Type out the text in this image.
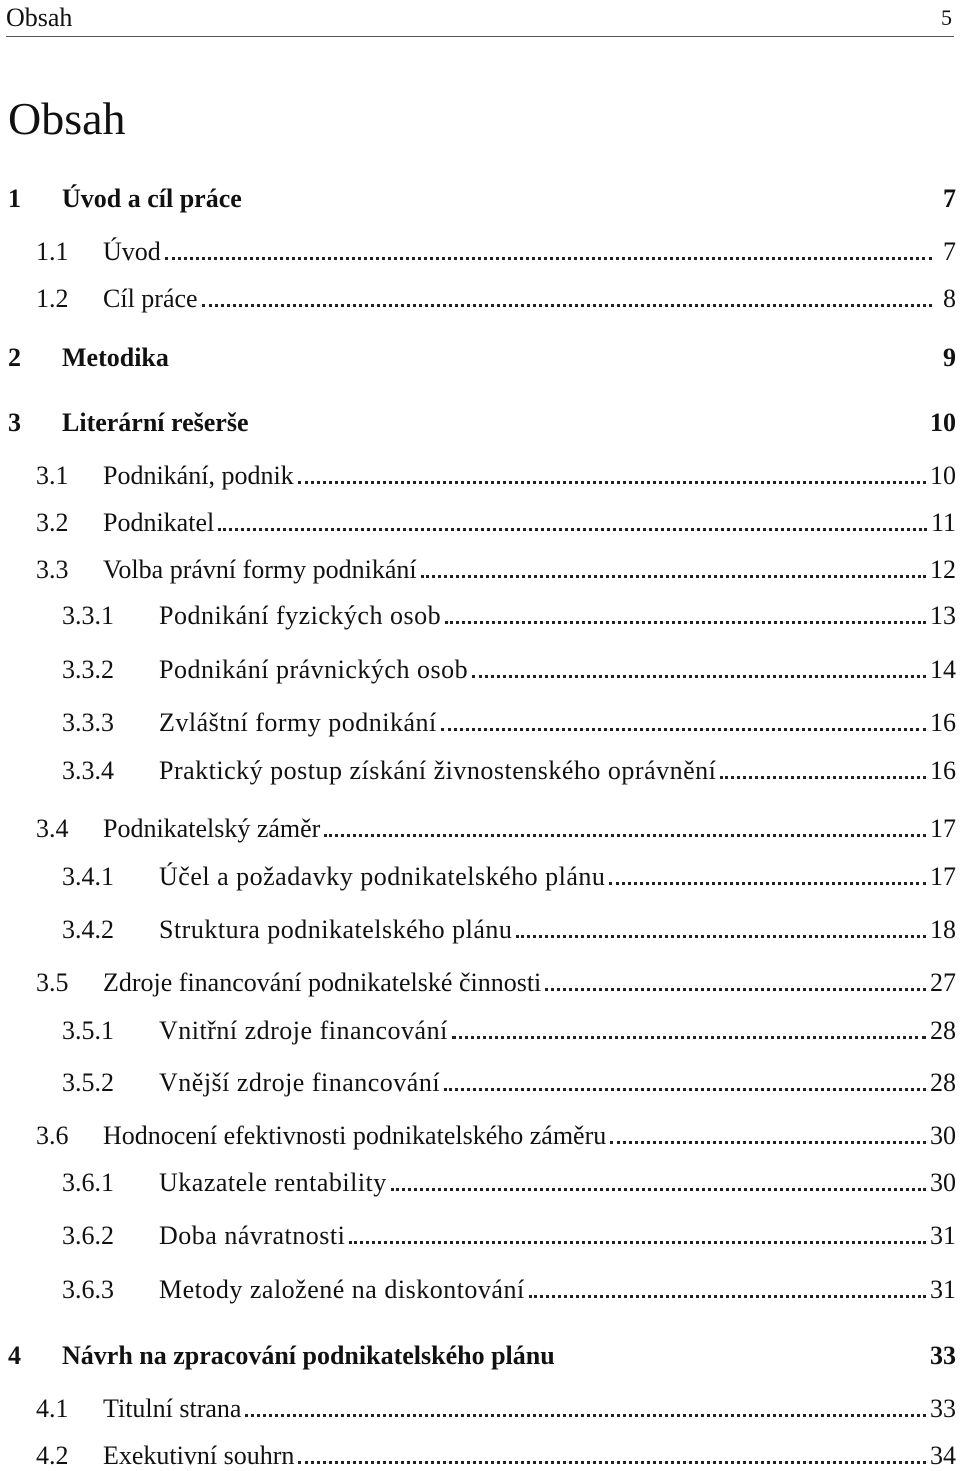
Obsah	5
Obsah
1	Úvod a cíl práce	7
1.1	Úvod	7
1.2	Cíl práce	8
2	Metodika	9
3	Literární rešerše	10
3.1	Podnikání, podnik	10
3.2	Podnikatel	11
3.3	Volba právní formy podnikání	12
3.3.1	Podnikání fyzických osob	13
3.3.2	Podnikání právnických osob	14
3.3.3	Zvláštní formy podnikání	16
3.3.4	Praktický postup získání živnostenského oprávnění	16
3.4	Podnikatelský záměr	17
3.4.1	Účel a požadavky podnikatelského plánu	17
3.4.2	Struktura podnikatelského plánu	18
3.5	Zdroje financování podnikatelské činnosti	27
3.5.1	Vnitřní zdroje financování	28
3.5.2	Vnější zdroje financování	28
3.6	Hodnocení efektivnosti podnikatelského záměru	30
3.6.1	Ukazatele rentability	30
3.6.2	Doba návratnosti	31
3.6.3	Metody založené na diskontování	31
4	Návrh na zpracování podnikatelského plánu	33
4.1	Titulní strana	33
4.2	Exekutivní souhrn	34
